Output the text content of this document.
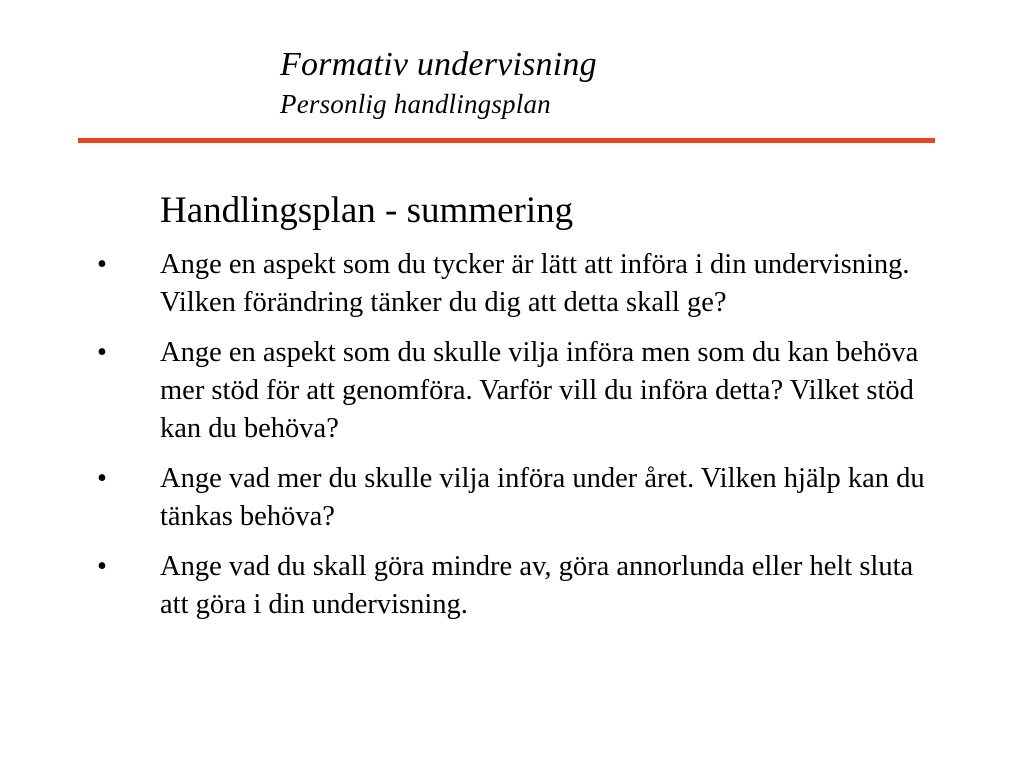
Formativ undervisning
Personlig handlingsplan
Handlingsplan - summering
• Ange en aspekt som du tycker är lätt att införa i din undervisning. Vilken förändring tänker du dig att detta skall ge?
• Ange en aspekt som du skulle vilja införa men som du kan behöva mer stöd för att genomföra. Varför vill du införa detta? Vilket stöd kan du behöva?
• Ange vad mer du skulle vilja införa under året. Vilken hjälp kan du tänkas behöva?
• Ange vad du skall göra mindre av, göra annorlunda eller helt sluta att göra i din undervisning.
